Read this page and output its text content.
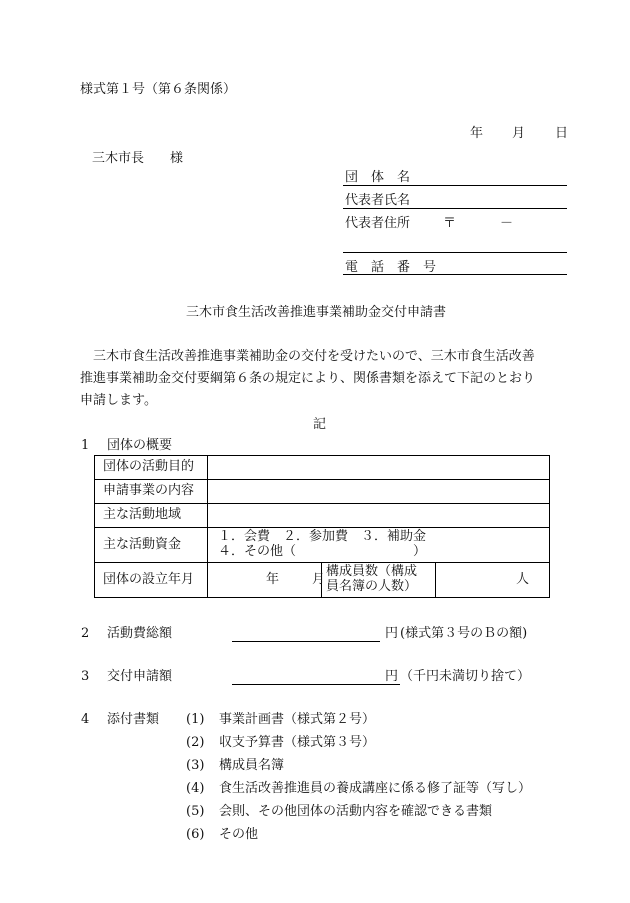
様式第１号（第６条関係）
年 月 日
三木市長　　様
団　体　名
代表者氏名
代表者住所	〒	－
電　話　番　号
三木市食生活改善推進事業補助金交付申請書
三木市食生活改善推進事業補助金の交付を受けたいので、三木市食生活改善
推進事業補助金交付要綱第６条の規定により、関係書類を添えて下記のとおり
申請します。
記
1 団体の概要
団体の活動目的			
申請事業の内容			
主な活動地域			
主な活動資金	１．会費　２．参加費　３．補助金
４．その他（　　　　　　　　　）		

団体の設立年月	年 月	構成員数（構成
員名簿の人数）	人
2 活動費総額	円 (様式第３号のＢの額)
3 交付申請額	円 （千円未満切り捨て）
4 添付書類 (1) 事業計画書（様式第２号）
(2) 収支予算書（様式第３号）
(3) 構成員名簿
(4) 食生活改善推進員の養成講座に係る修了証等（写し）
(5) 会則、その他団体の活動内容を確認できる書類
(6) その他
